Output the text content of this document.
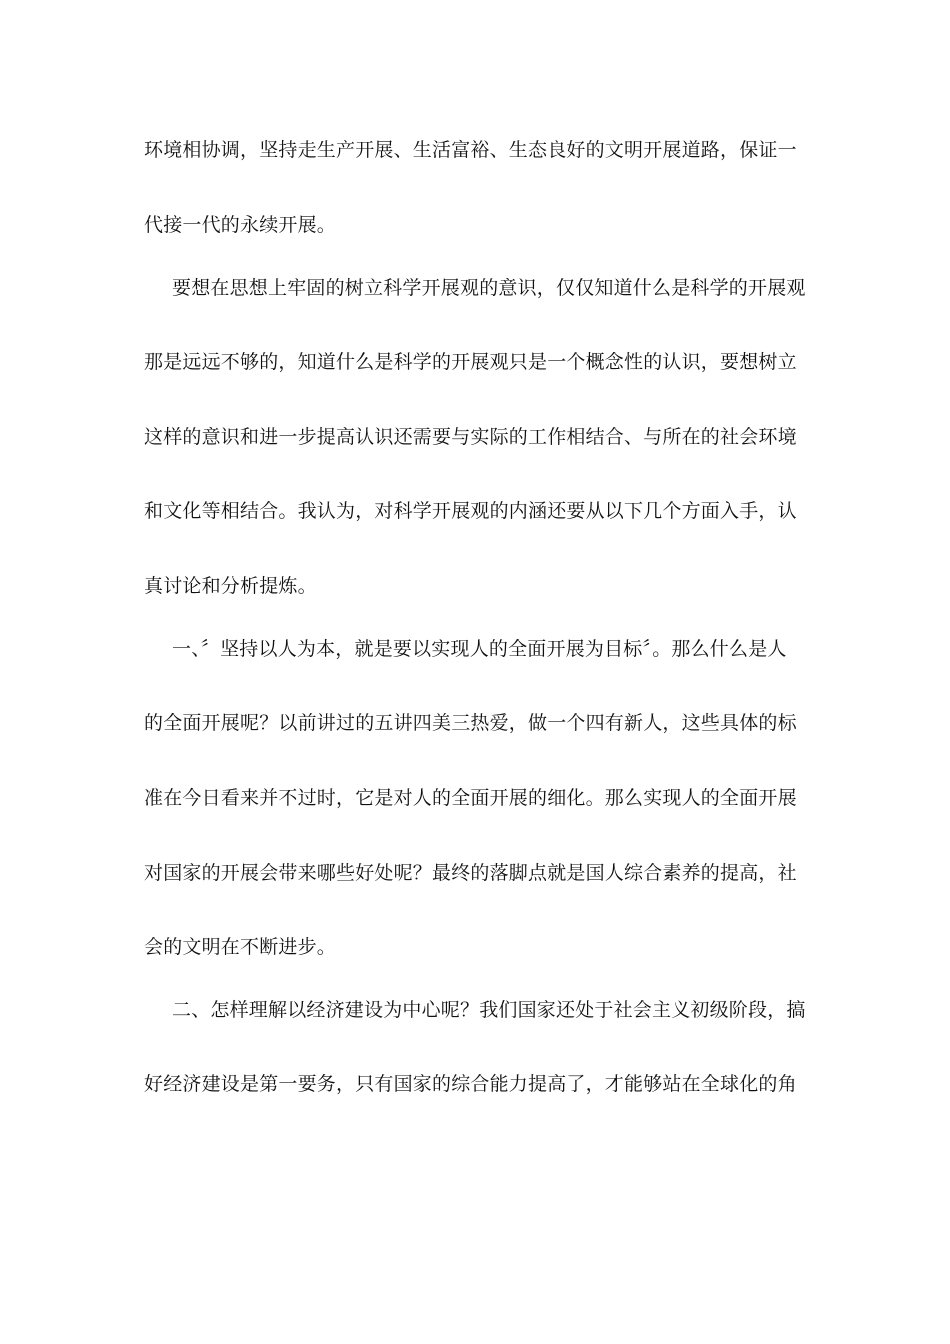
环境相协调，坚持走生产开展、生活富裕、生态良好的文明开展道路，保证一
代接一代的永续开展。
要想在思想上牢固的树立科学开展观的意识，仅仅知道什么是科学的开展观
那是远远不够的，知道什么是科学的开展观只是一个概念性的认识，要想树立
这样的意识和进一步提高认识还需要与实际的工作相结合、与所在的社会环境
和文化等相结合。我认为，对科学开展观的内涵还要从以下几个方面入手，认
真讨论和分析提炼。
一、〞坚持以人为本，就是要以实现人的全面开展为目标〞。那么什么是人
的全面开展呢？以前讲过的五讲四美三热爱，做一个四有新人，这些具体的标
准在今日看来并不过时，它是对人的全面开展的细化。那么实现人的全面开展
对国家的开展会带来哪些好处呢？最终的落脚点就是国人综合素养的提高，社
会的文明在不断进步。
二、怎样理解以经济建设为中心呢？我们国家还处于社会主义初级阶段，搞
好经济建设是第一要务，只有国家的综合能力提高了，才能够站在全球化的角
